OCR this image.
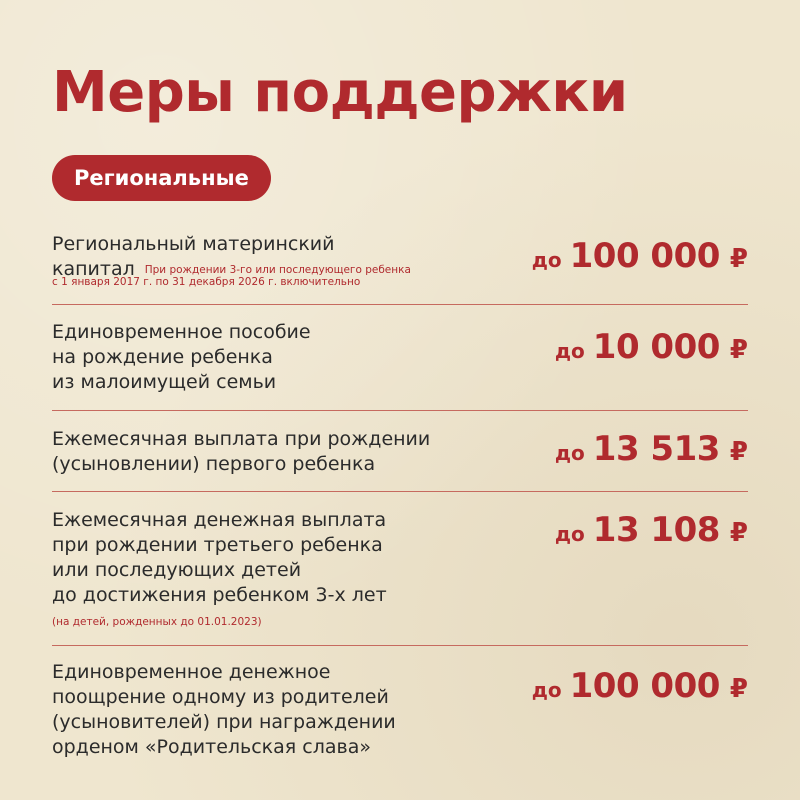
Меры поддержки
Региональные
Региональный материнский
капитал При рождении 3-го или последующего ребенка
с 1 января 2017 г. по 31 декабря 2026 г. включительно
до 100 000 ₽
Единовременное пособие
на рождение ребенка
из малоимущей семьи
до 10 000 ₽
Ежемесячная выплата при рождении
(усыновлении) первого ребенка	до 13 513 ₽
Ежемесячная денежная выплата
при рождении третьего ребенка
или последующих детей
до достижения ребенком 3-х лет
(на детей, рожденных до 01.01.2023)
до 13 108 ₽
Единовременное денежное
поощрение одному из родителей
(усыновителей) при награждении
орденом «Родительская слава»
до 100 000 ₽
